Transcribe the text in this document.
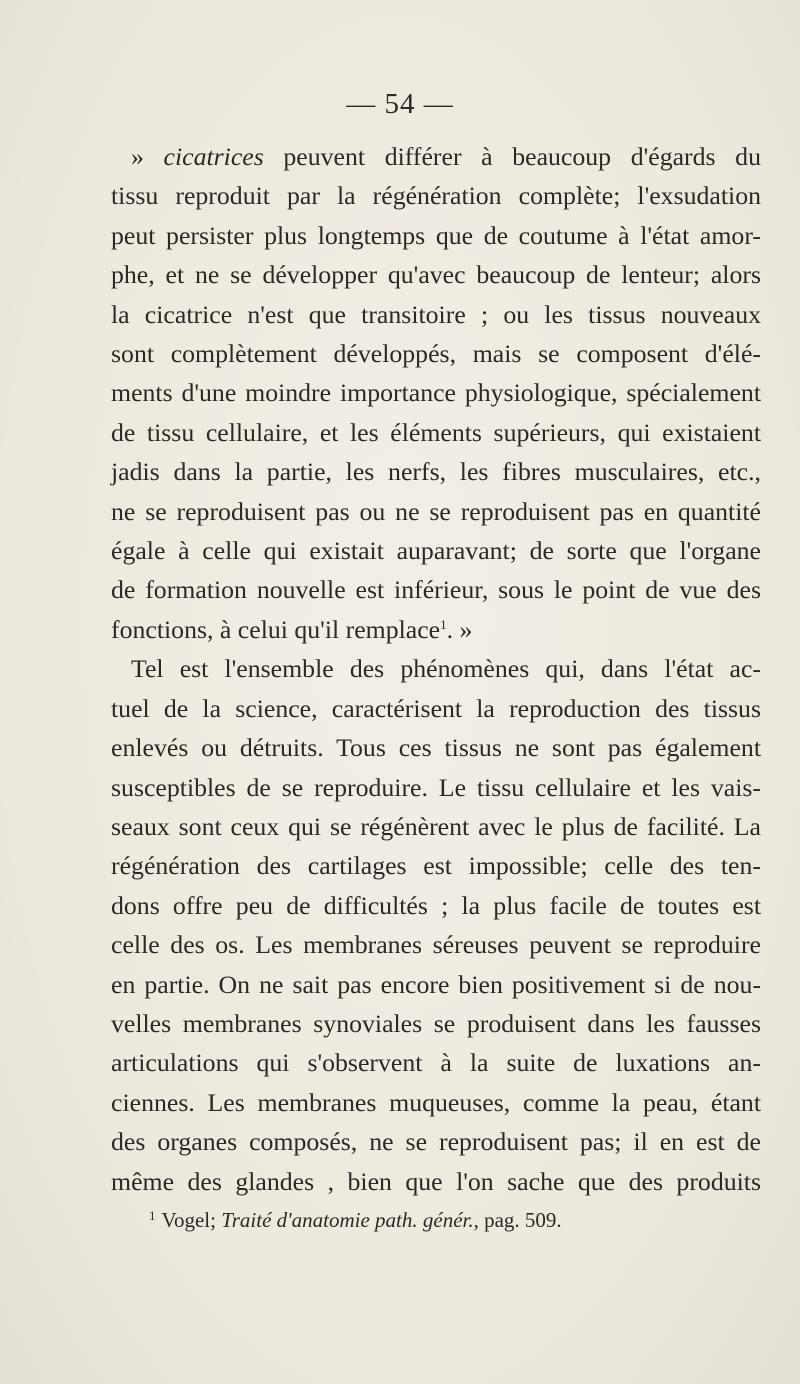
— 54 —
» cicatrices peuvent différer à beaucoup d'égards du
tissu reproduit par la régénération complète; l'exsudation
peut persister plus longtemps que de coutume à l'état amor-
phe, et ne se développer qu'avec beaucoup de lenteur; alors
la cicatrice n'est que transitoire ; ou les tissus nouveaux
sont complètement développés, mais se composent d'élé-
ments d'une moindre importance physiologique, spécialement
de tissu cellulaire, et les éléments supérieurs, qui existaient
jadis dans la partie, les nerfs, les fibres musculaires, etc.,
ne se reproduisent pas ou ne se reproduisent pas en quantité
égale à celle qui existait auparavant; de sorte que l'organe
de formation nouvelle est inférieur, sous le point de vue des
fonctions, à celui qu'il remplace$^1$. »
Tel est l'ensemble des phénomènes qui, dans l'état ac-
tuel de la science, caractérisent la reproduction des tissus
enlevés ou détruits. Tous ces tissus ne sont pas également
susceptibles de se reproduire. Le tissu cellulaire et les vais-
seaux sont ceux qui se régénèrent avec le plus de facilité. La
régénération des cartilages est impossible; celle des ten-
dons offre peu de difficultés ; la plus facile de toutes est
celle des os. Les membranes séreuses peuvent se reproduire
en partie. On ne sait pas encore bien positivement si de nou-
velles membranes synoviales se produisent dans les fausses
articulations qui s'observent à la suite de luxations an-
ciennes. Les membranes muqueuses, comme la peau, étant
des organes composés, ne se reproduisent pas; il en est de
même des glandes , bien que l'on sache que des produits
$^1$ Vogel; Traité d'anatomie path. génér., pag. 509.
